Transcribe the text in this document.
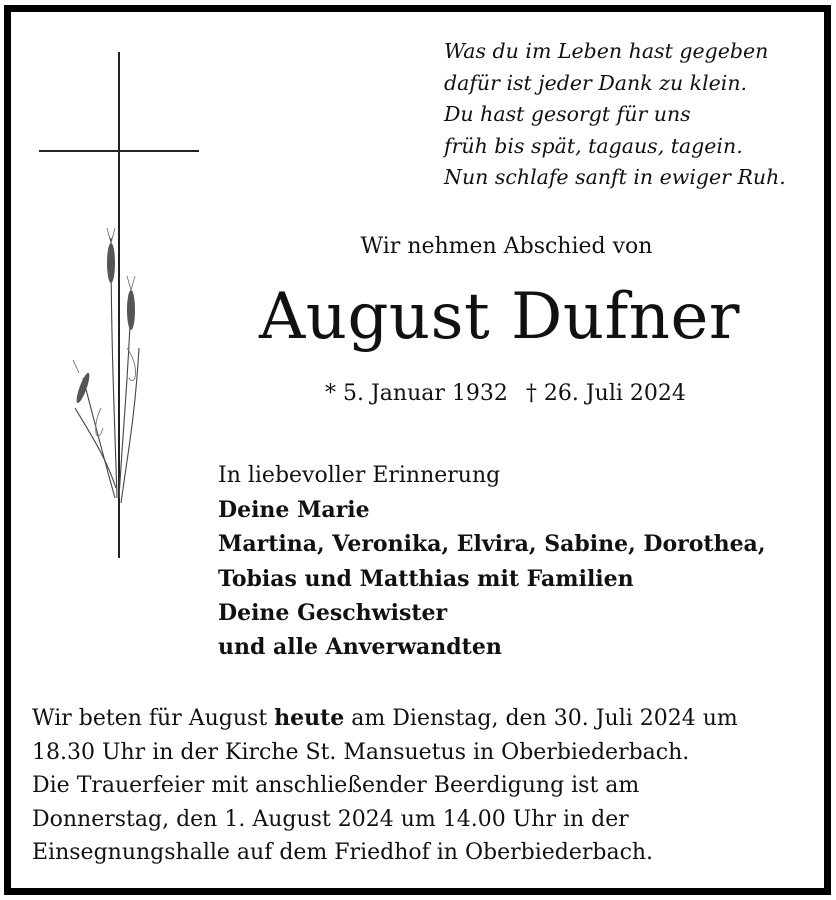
Was du im Leben hast gegeben
dafür ist jeder Dank zu klein.
Du hast gesorgt für uns
früh bis spät, tagaus, tagein.
Nun schlafe sanft in ewiger Ruh.
Wir nehmen Abschied von
August Dufner
* 5. Januar 1932 † 26. Juli 2024
In liebevoller Erinnerung
Deine Marie
Martina, Veronika, Elvira, Sabine, Dorothea,
Tobias und Matthias mit Familien
Deine Geschwister
und alle Anverwandten
Wir beten für August heute am Dienstag, den 30. Juli 2024 um
18.30 Uhr in der Kirche St. Mansuetus in Oberbiederbach.
Die Trauerfeier mit anschließender Beerdigung ist am
Donnerstag, den 1. August 2024 um 14.00 Uhr in der
Einsegnungshalle auf dem Friedhof in Oberbiederbach.
